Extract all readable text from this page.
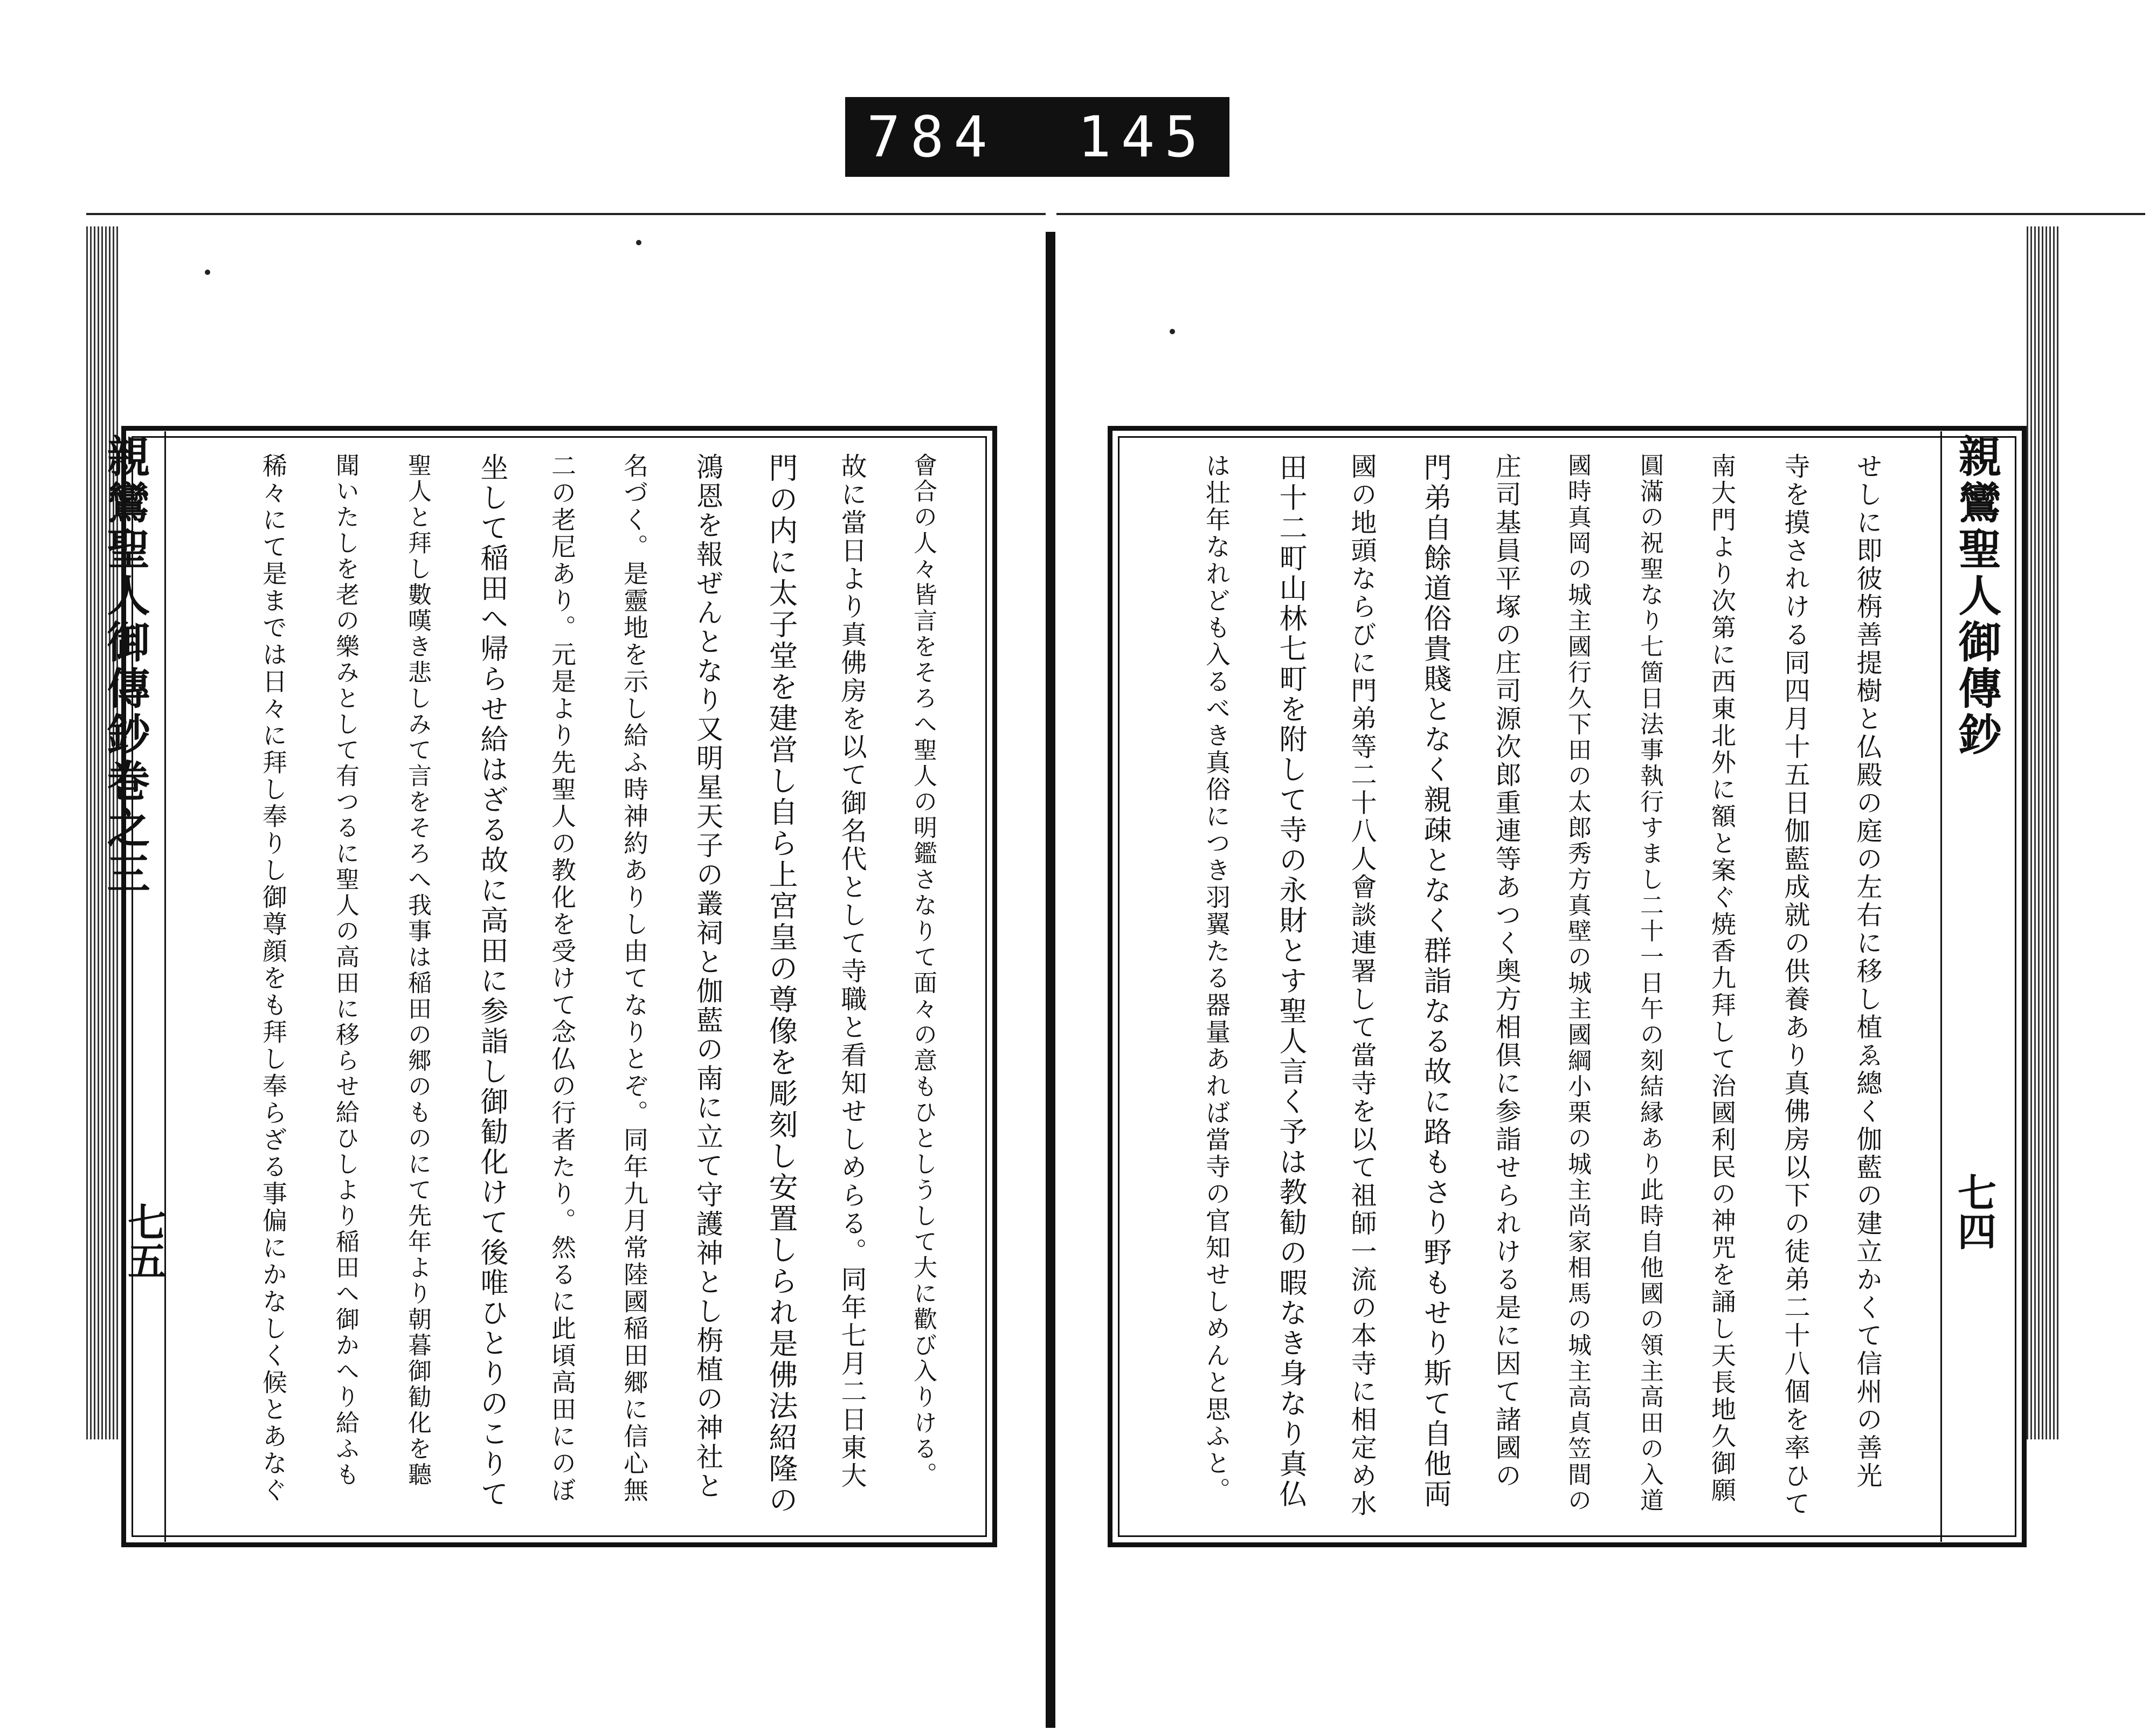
784 145
親鸞聖人御傳鈔
七四
せしに即彼栴善提樹と仏殿の庭の左右に移し植ゑ總く伽藍の建立かくて信州の善光
寺を摸されける同四月十五日伽藍成就の供養あり真佛房以下の徒弟二十八個を率ひて
南大門より次第に西東北外に額と案ぐ焼香九拜して治國利民の神咒を誦し天長地久御願
圓滿の祝聖なり七箇日法事執行すまし二十一日午の刻結縁あり此時自他國の領主高田の入道
國時真岡の城主國行久下田の太郎秀方真壁の城主國綱小栗の城主尚家相馬の城主高貞笠間の
庄司基員平塚の庄司源次郎重連等あつく奥方相倶に参詣せられける是に因て諸國の
門弟自餘道俗貴賤となく親疎となく群詣なる故に路もさり野もせり斯て自他両
國の地頭ならびに門弟等二十八人會談連署して當寺を以て祖師一流の本寺に相定め水
田十二町山林七町を附して寺の永財とす聖人言く予は教勧の暇なき身なり真仏
は壮年なれども入るべき真俗につき羽翼たる器量あれば當寺の官知せしめんと思ふと。
親鸞聖人御傳鈔巻之三
七五	會合の人々皆言をそろへ聖人の明鑑さなりて面々の意もひとしうして大に歡び入りける。
故に當日より真佛房を以て御名代として寺職と看知せしめらる。同年七月二日東大
門の内に太子堂を建営し自ら上宮皇の尊像を彫刻し安置しられ是佛法紹隆の
鴻恩を報ぜんとなり又明星天子の叢祠と伽藍の南に立て守護神とし栴植の神社と
名づく。是靈地を示し給ふ時神約ありし由てなりとぞ。同年九月常陸國稲田郷に信心無
二の老尼あり。元是より先聖人の教化を受けて念仏の行者たり。然るに此頃高田にのぼ
坐して稲田へ帰らせ給はざる故に高田に参詣し御勧化けて後唯ひとりのこりて
聖人と拜し數嘆き悲しみて言をそろへ我事は稲田の郷のものにて先年より朝暮御勧化を聽
聞いたしを老の樂みとして有つるに聖人の高田に移らせ給ひしより稲田へ御かへり給ふも
稀々にて是までは日々に拜し奉りし御尊顔をも拜し奉らざる事偏にかなしく候とあなぐ
